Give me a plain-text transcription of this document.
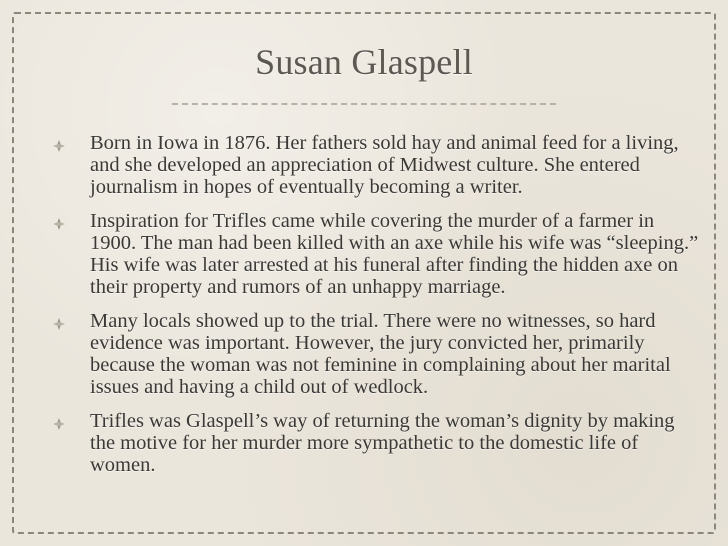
Susan Glaspell
Born in Iowa in 1876. Her fathers sold hay and animal feed for a living, and she developed an appreciation of Midwest culture. She entered journalism in hopes of eventually becoming a writer.
Inspiration for Trifles came while covering the murder of a farmer in 1900. The man had been killed with an axe while his wife was “sleeping.” His wife was later arrested at his funeral after finding the hidden axe on their property and rumors of an unhappy marriage.
Many locals showed up to the trial. There were no witnesses, so hard evidence was important. However, the jury convicted her, primarily because the woman was not feminine in complaining about her marital issues and having a child out of wedlock.
Trifles was Glaspell’s way of returning the woman’s dignity by making the motive for her murder more sympathetic to the domestic life of women.
